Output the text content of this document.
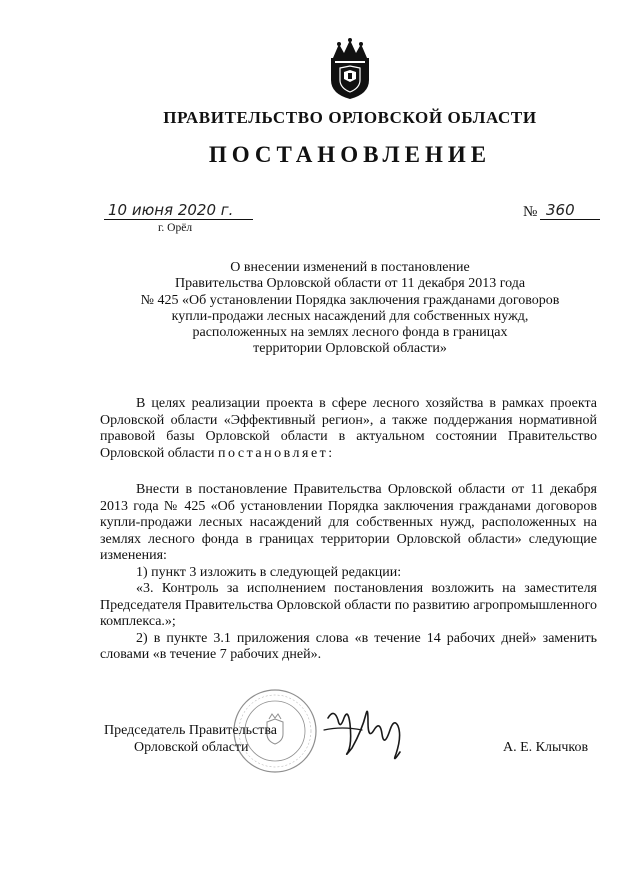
ПРАВИТЕЛЬСТВО ОРЛОВСКОЙ ОБЛАСТИ
ПОСТАНОВЛЕНИЕ
10 июня 2020 г.
г. Орёл
№ 360
О внесении изменений в постановление
Правительства Орловской области от 11 декабря 2013 года
№ 425 «Об установлении Порядка заключения гражданами договоров
купли-продажи лесных насаждений для собственных нужд,
расположенных на землях лесного фонда в границах
территории Орловской области»
В целях реализации проекта в сфере лесного хозяйства в рамках проекта Орловской области «Эффективный регион», а также поддержания нормативной правовой базы Орловской области в актуальном состоянии Правительство Орловской области постановляет:
Внести в постановление Правительства Орловской области от 11 декабря 2013 года № 425 «Об установлении Порядка заключения гражданами договоров купли-продажи лесных насаждений для собственных нужд, расположенных на землях лесного фонда в границах территории Орловской области» следующие изменения:
1) пункт 3 изложить в следующей редакции:
«3. Контроль за исполнением постановления возложить на заместителя Председателя Правительства Орловской области по развитию агропромышленного комплекса.»;
2) в пункте 3.1 приложения слова «в течение 14 рабочих дней» заменить словами «в течение 7 рабочих дней».
Председатель Правительства
Орловской области	А. Е. Клычков
